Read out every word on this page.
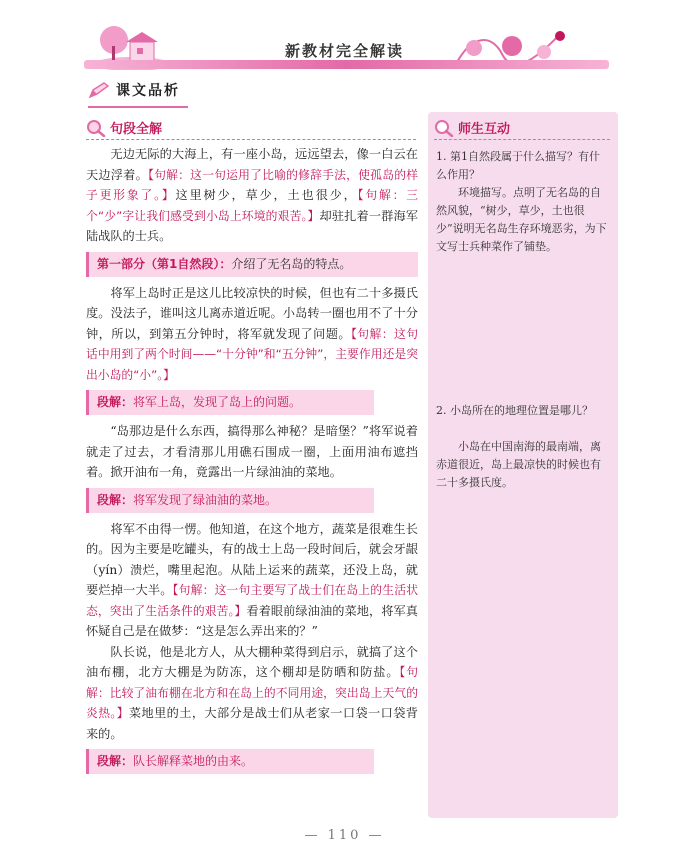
新教材完全解读
课文品析
句段全解	师生互动
1. 第1自然段属于什么描写？有什么作用？
环境描写。点明了无名岛的自然风貌，“树少，草少，土也很少”说明无名岛生存环境恶劣，为下文写士兵种菜作了铺垫。
2. 小岛所在的地理位置是哪儿？
小岛在中国南海的最南端，离赤道很近，岛上最凉快的时候也有二十多摄氏度。

无边无际的大海上，有一座小岛，远远望去，像一白云在天边浮着。【句解：这一句运用了比喻的修辞手法，使孤岛的样子更形象了。】这里树少，草少，土也很少，【句解：三个“少”字让我们感受到小岛上环境的艰苦。】却驻扎着一群海军陆战队的士兵。

第一部分（第1自然段）：介绍了无名岛的特点。

将军上岛时正是这儿比较凉快的时候，但也有二十多摄氏度。没法子，谁叫这儿离赤道近呢。小岛转一圈也用不了十分钟，所以，到第五分钟时，将军就发现了问题。【句解：这句话中用到了两个时间——“十分钟”和“五分钟”，主要作用还是突出小岛的“小”。】

段解：将军上岛，发现了岛上的问题。

“岛那边是什么东西，搞得那么神秘？是暗堡？”将军说着就走了过去，才看清那儿用礁石围成一圈，上面用油布遮挡着。掀开油布一角，竟露出一片绿油油的菜地。

段解：将军发现了绿油油的菜地。

将军不由得一愣。他知道，在这个地方，蔬菜是很难生长的。因为主要是吃罐头，有的战士上岛一段时间后，就会牙龈（yín）溃烂，嘴里起泡。从陆上运来的蔬菜，还没上岛，就要烂掉一大半。【句解：这一句主要写了战士们在岛上的生活状态，突出了生活条件的艰苦。】看着眼前绿油油的菜地，将军真怀疑自己是在做梦：“这是怎么弄出来的？”

队长说，他是北方人，从大棚种菜得到启示，就搞了这个油布棚，北方大棚是为防冻，这个棚却是防晒和防盐。【句解：比较了油布棚在北方和在岛上的不同用途，突出岛上天气的炎热。】菜地里的土，大部分是战士们从老家一口袋一口袋背来的。

段解：队长解释菜地的由来。
— 110 —
